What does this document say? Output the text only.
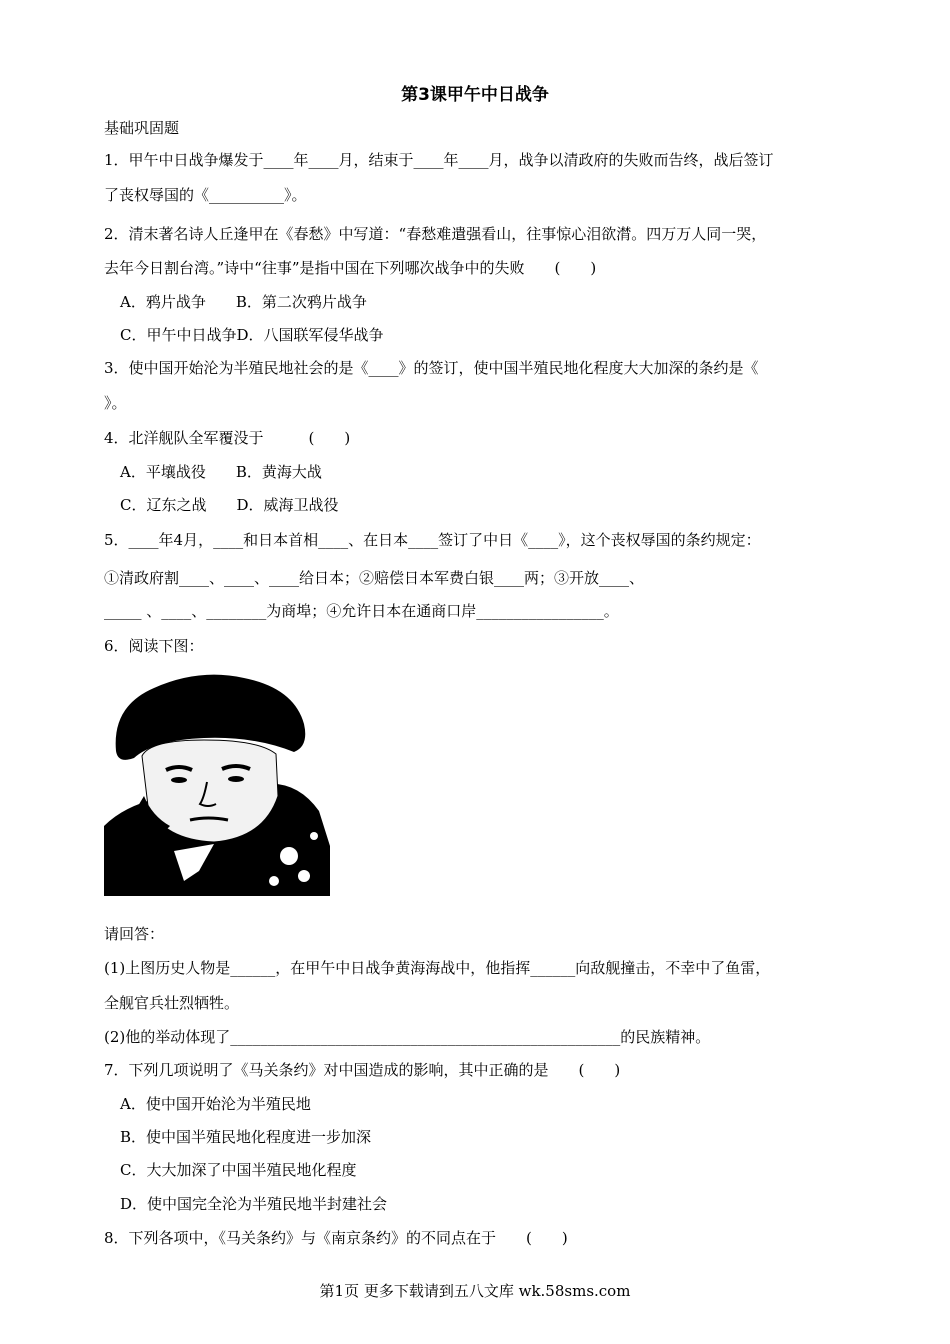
第3课甲午中日战争
基础巩固题
1．甲午中日战争爆发于____年____月，结束于____年____月，战争以清政府的失败而告终，战后签订
了丧权辱国的《__________》。
2．清末著名诗人丘逢甲在《春愁》中写道：“春愁难遣强看山，往事惊心泪欲潸。四万万人同一哭，
去年今日割台湾。”诗中“往事”是指中国在下列哪次战争中的失败　　(　　)
A．鸦片战争　　B．第二次鸦片战争
C．甲午中日战争D．八国联军侵华战争
3．使中国开始沦为半殖民地社会的是《____》的签订，使中国半殖民地化程度大大加深的条约是《
》。
4．北洋舰队全军覆没于　　　(　　)
A．平壤战役　　B．黄海大战
C．辽东之战　　D．威海卫战役
5．____年4月，____和日本首相____、在日本____签订了中日《____》，这个丧权辱国的条约规定：
①清政府割____、____、____给日本；②赔偿日本军费白银____两；③开放____、
_____ 、____、________为商埠；④允许日本在通商口岸_________________。
6．阅读下图：
请回答：
(1)上图历史人物是______，在甲午中日战争黄海海战中，他指挥______向敌舰撞击，不幸中了鱼雷，
全舰官兵壮烈牺牲。
(2)他的举动体现了____________________________________________________的民族精神。
7．下列几项说明了《马关条约》对中国造成的影响，其中正确的是　　(　　)
A．使中国开始沦为半殖民地
B．使中国半殖民地化程度进一步加深
C．大大加深了中国半殖民地化程度
D．使中国完全沦为半殖民地半封建社会
8．下列各项中，《马关条约》与《南京条约》的不同点在于　　(　　)
第1页 更多下载请到五八文库 wk.58sms.com
